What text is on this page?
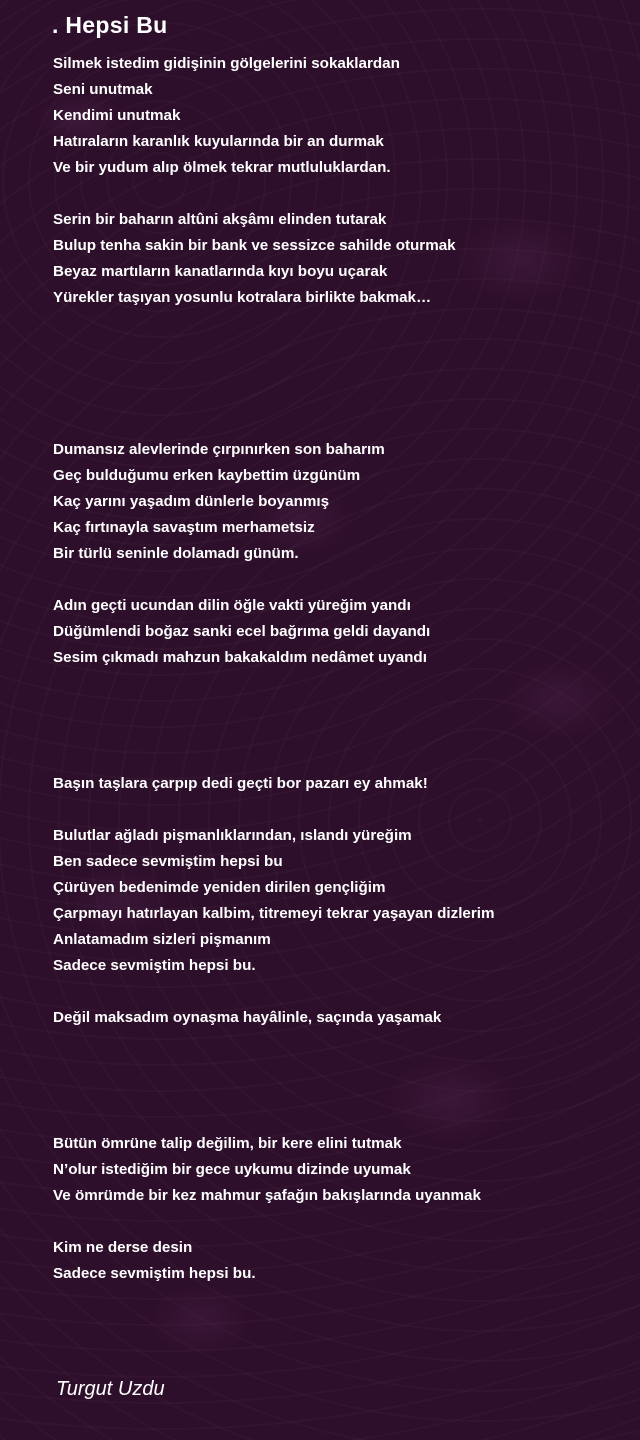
. Hepsi Bu
Silmek istedim gidişinin gölgelerini sokaklardan
Seni unutmak
Kendimi unutmak
Hatıraların karanlık kuyularında bir an durmak
Ve bir yudum alıp ölmek tekrar mutluluklardan.
Serin bir baharın altûni akşâmı elinden tutarak
Bulup tenha sakin bir bank ve sessizce sahilde oturmak
Beyaz martıların kanatlarında kıyı boyu uçarak
Yürekler taşıyan yosunlu kotralara birlikte bakmak…
Dumansız alevlerinde çırpınırken son baharım
Geç bulduğumu erken kaybettim üzgünüm
Kaç yarını yaşadım dünlerle boyanmış
Kaç fırtınayla savaştım merhametsiz
Bir türlü seninle dolamadı günüm.
Adın geçti ucundan dilin öğle vakti yüreğim yandı
Düğümlendi boğaz sanki ecel bağrıma geldi dayandı
Sesim çıkmadı mahzun bakakaldım nedâmet uyandı
Başın taşlara çarpıp dedi geçti bor pazarı ey ahmak!
Bulutlar ağladı pişmanlıklarından, ıslandı yüreğim
Ben sadece sevmiştim hepsi bu
Çürüyen bedenimde yeniden dirilen gençliğim
Çarpmayı hatırlayan kalbim, titremeyi tekrar yaşayan dizlerim
Anlatamadım sizleri pişmanım
Sadece sevmiştim hepsi bu.
Değil maksadım oynaşma hayâlinle, saçında yaşamak
Bütün ömrüne talip değilim, bir kere elini tutmak
N’olur istediğim bir gece uykumu dizinde uyumak
Ve ömrümde bir kez mahmur şafağın bakışlarında uyanmak
Kim ne derse desin
Sadece sevmiştim hepsi bu.
Turgut Uzdu
